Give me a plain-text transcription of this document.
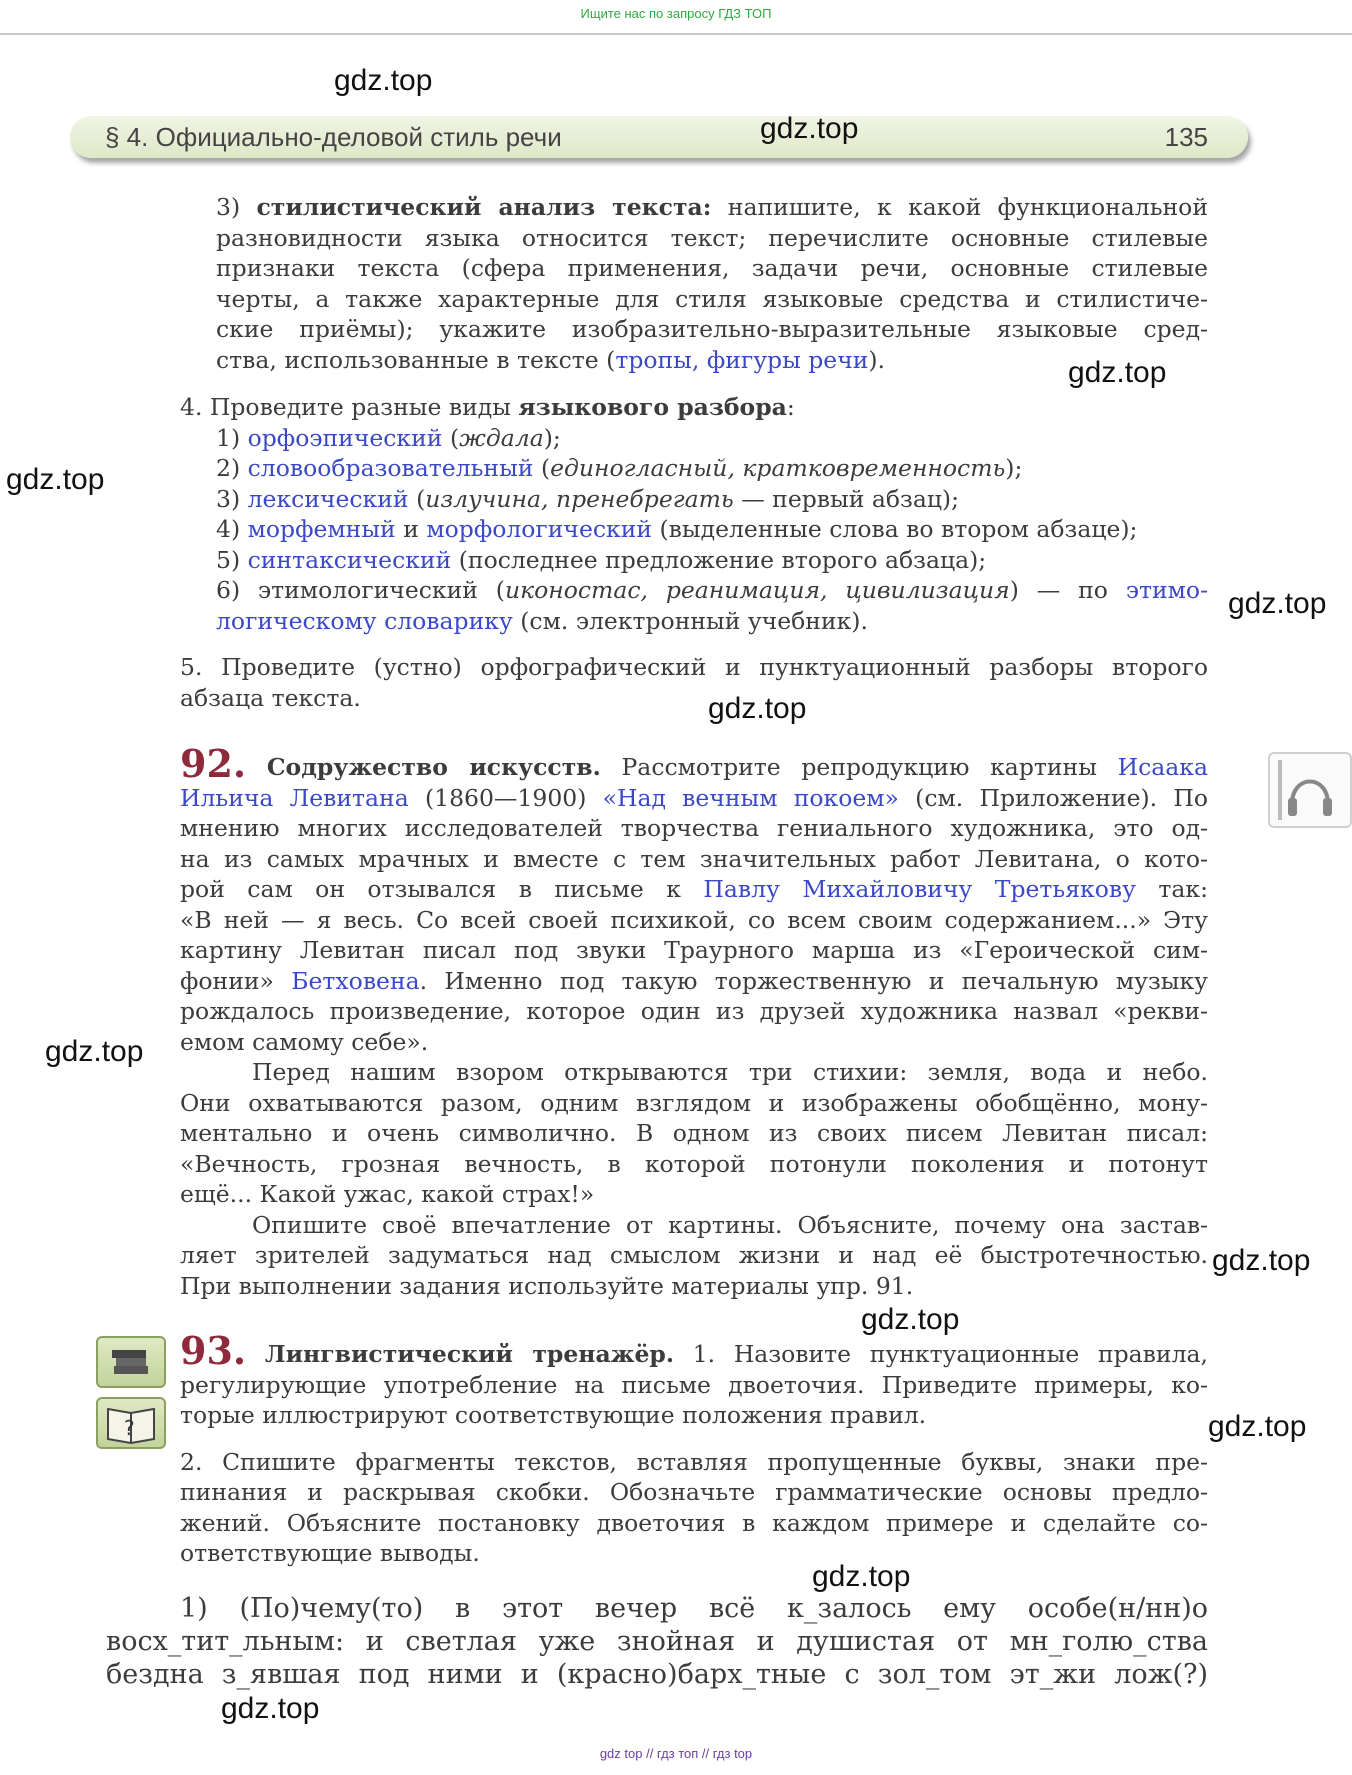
Ищите нас по запросу ГДЗ ТОП
§ 4. Официально-деловой стиль речи	135
3) стилистический анализ текста: напишите, к какой функциональной
разновидности языка относится текст; перечислите основные стилевые
признаки текста (сфера применения, задачи речи, основные стилевые
черты, а также характерные для стиля языковые средства и стилистиче-
ские приёмы); укажите изобразительно-выразительные языковые сред-
ства, использованные в тексте (тропы, фигуры речи).
4. Проведите разные виды языкового разбора:
1) орфоэпический (ждала);
2) словообразовательный (единогласный, кратковременность);
3) лексический (излучина, пренебрегать — первый абзац);
4) морфемный и морфологический (выделенные слова во втором абзаце);
5) синтаксический (последнее предложение второго абзаца);
6) этимологический (иконостас, реанимация, цивилизация) — по этимо-
логическому словарику (см. электронный учебник).
5. Проведите (устно) орфографический и пунктуационный разборы второго
абзаца текста.
92. Содружество искусств. Рассмотрите репродукцию картины Исаака
Ильича Левитана (1860—1900) «Над вечным покоем» (см. Приложение). По
мнению многих исследователей творчества гениального художника, это од-
на из самых мрачных и вместе с тем значительных работ Левитана, о кото-
рой сам он отзывался в письме к Павлу Михайловичу Третьякову так:
«В ней — я весь. Со всей своей психикой, со всем своим содержанием...» Эту
картину Левитан писал под звуки Траурного марша из «Героической сим-
фонии» Бетховена. Именно под такую торжественную и печальную музыку
рождалось произведение, которое один из друзей художника назвал «рекви-
емом самому себе».
Перед нашим взором открываются три стихии: земля, вода и небо.
Они охватываются разом, одним взглядом и изображены обобщённо, мону-
ментально и очень символично. В одном из своих писем Левитан писал:
«Вечность, грозная вечность, в которой потонули поколения и потонут
ещё... Какой ужас, какой страх!»
Опишите своё впечатление от картины. Объясните, почему она застав-
ляет зрителей задуматься над смыслом жизни и над её быстротечностью.
При выполнении задания используйте материалы упр. 91.
?
93. Лингвистический тренажёр. 1. Назовите пунктуационные правила,
регулирующие употребление на письме двоеточия. Приведите примеры, ко-
торые иллюстрируют соответствующие положения правил.
2. Спишите фрагменты текстов, вставляя пропущенные буквы, знаки пре-
пинания и раскрывая скобки. Обозначьте грамматические основы предло-
жений. Объясните постановку двоеточия в каждом примере и сделайте со-
ответствующие выводы.
1) (По)чему(то) в этот вечер всё к_залось ему особе(н/нн)о
восх_тит_льным: и светлая уже знойная и душистая от мн_голю_ства
бездна з_явшая под ними и (красно)барх_тные с зол_том эт_жи лож(?)
gdz.top
gdz.top
gdz.top
gdz.top
gdz.top
gdz.top
gdz.top
gdz.top
gdz.top
gdz.top
gdz.top
gdz.top
gdz top // гдз топ // гдз top
